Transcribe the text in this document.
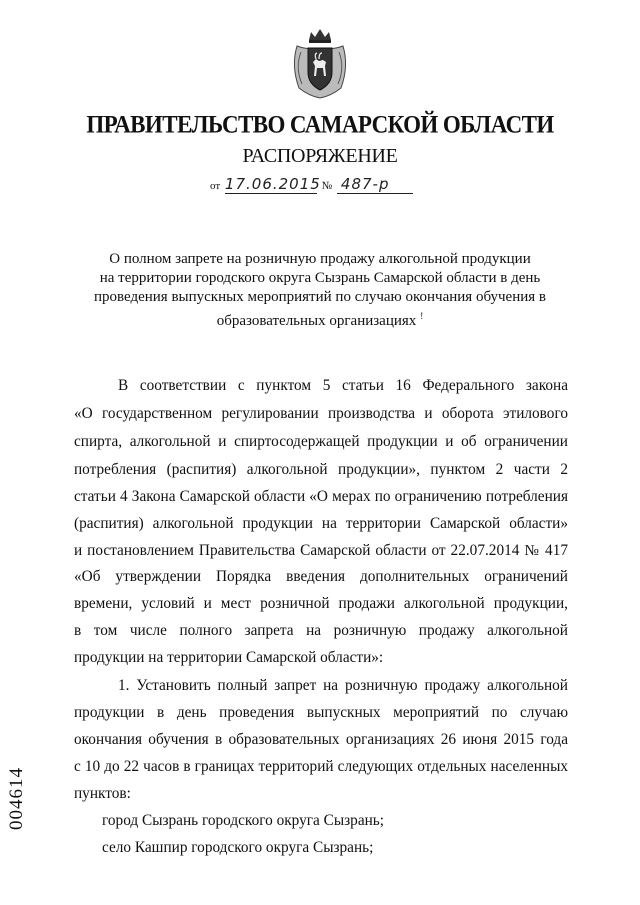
ПРАВИТЕЛЬСТВО САМАРСКОЙ ОБЛАСТИ
РАСПОРЯЖЕНИЕ
от 17.06.2015 № 487-р
О полном запрете на розничную продажу алкогольной продукции
на территории городского округа Сызрань Самарской области в день
проведения выпускных мероприятий по случаю окончания обучения в
образовательных организациях !
В соответствии с пунктом 5 статьи 16 Федерального закона
«О государственном регулировании производства и оборота этилового
спирта, алкогольной и спиртосодержащей продукции и об ограничении
потребления (распития) алкогольной продукции», пунктом 2 части 2
статьи 4 Закона Самарской области «О мерах по ограничению потребления
(распития) алкогольной продукции на территории Самарской области»
и постановлением Правительства Самарской области от 22.07.2014 № 417
«Об утверждении Порядка введения дополнительных ограничений
времени, условий и мест розничной продажи алкогольной продукции,
в том числе полного запрета на розничную продажу алкогольной
продукции на территории Самарской области»:
1. Установить полный запрет на розничную продажу алкогольной
продукции в день проведения выпускных мероприятий по случаю
окончания обучения в образовательных организациях 26 июня 2015 года
с 10 до 22 часов в границах территорий следующих отдельных населенных
пунктов:
город Сызрань городского округа Сызрань;
село Кашпир городского округа Сызрань;
004614
